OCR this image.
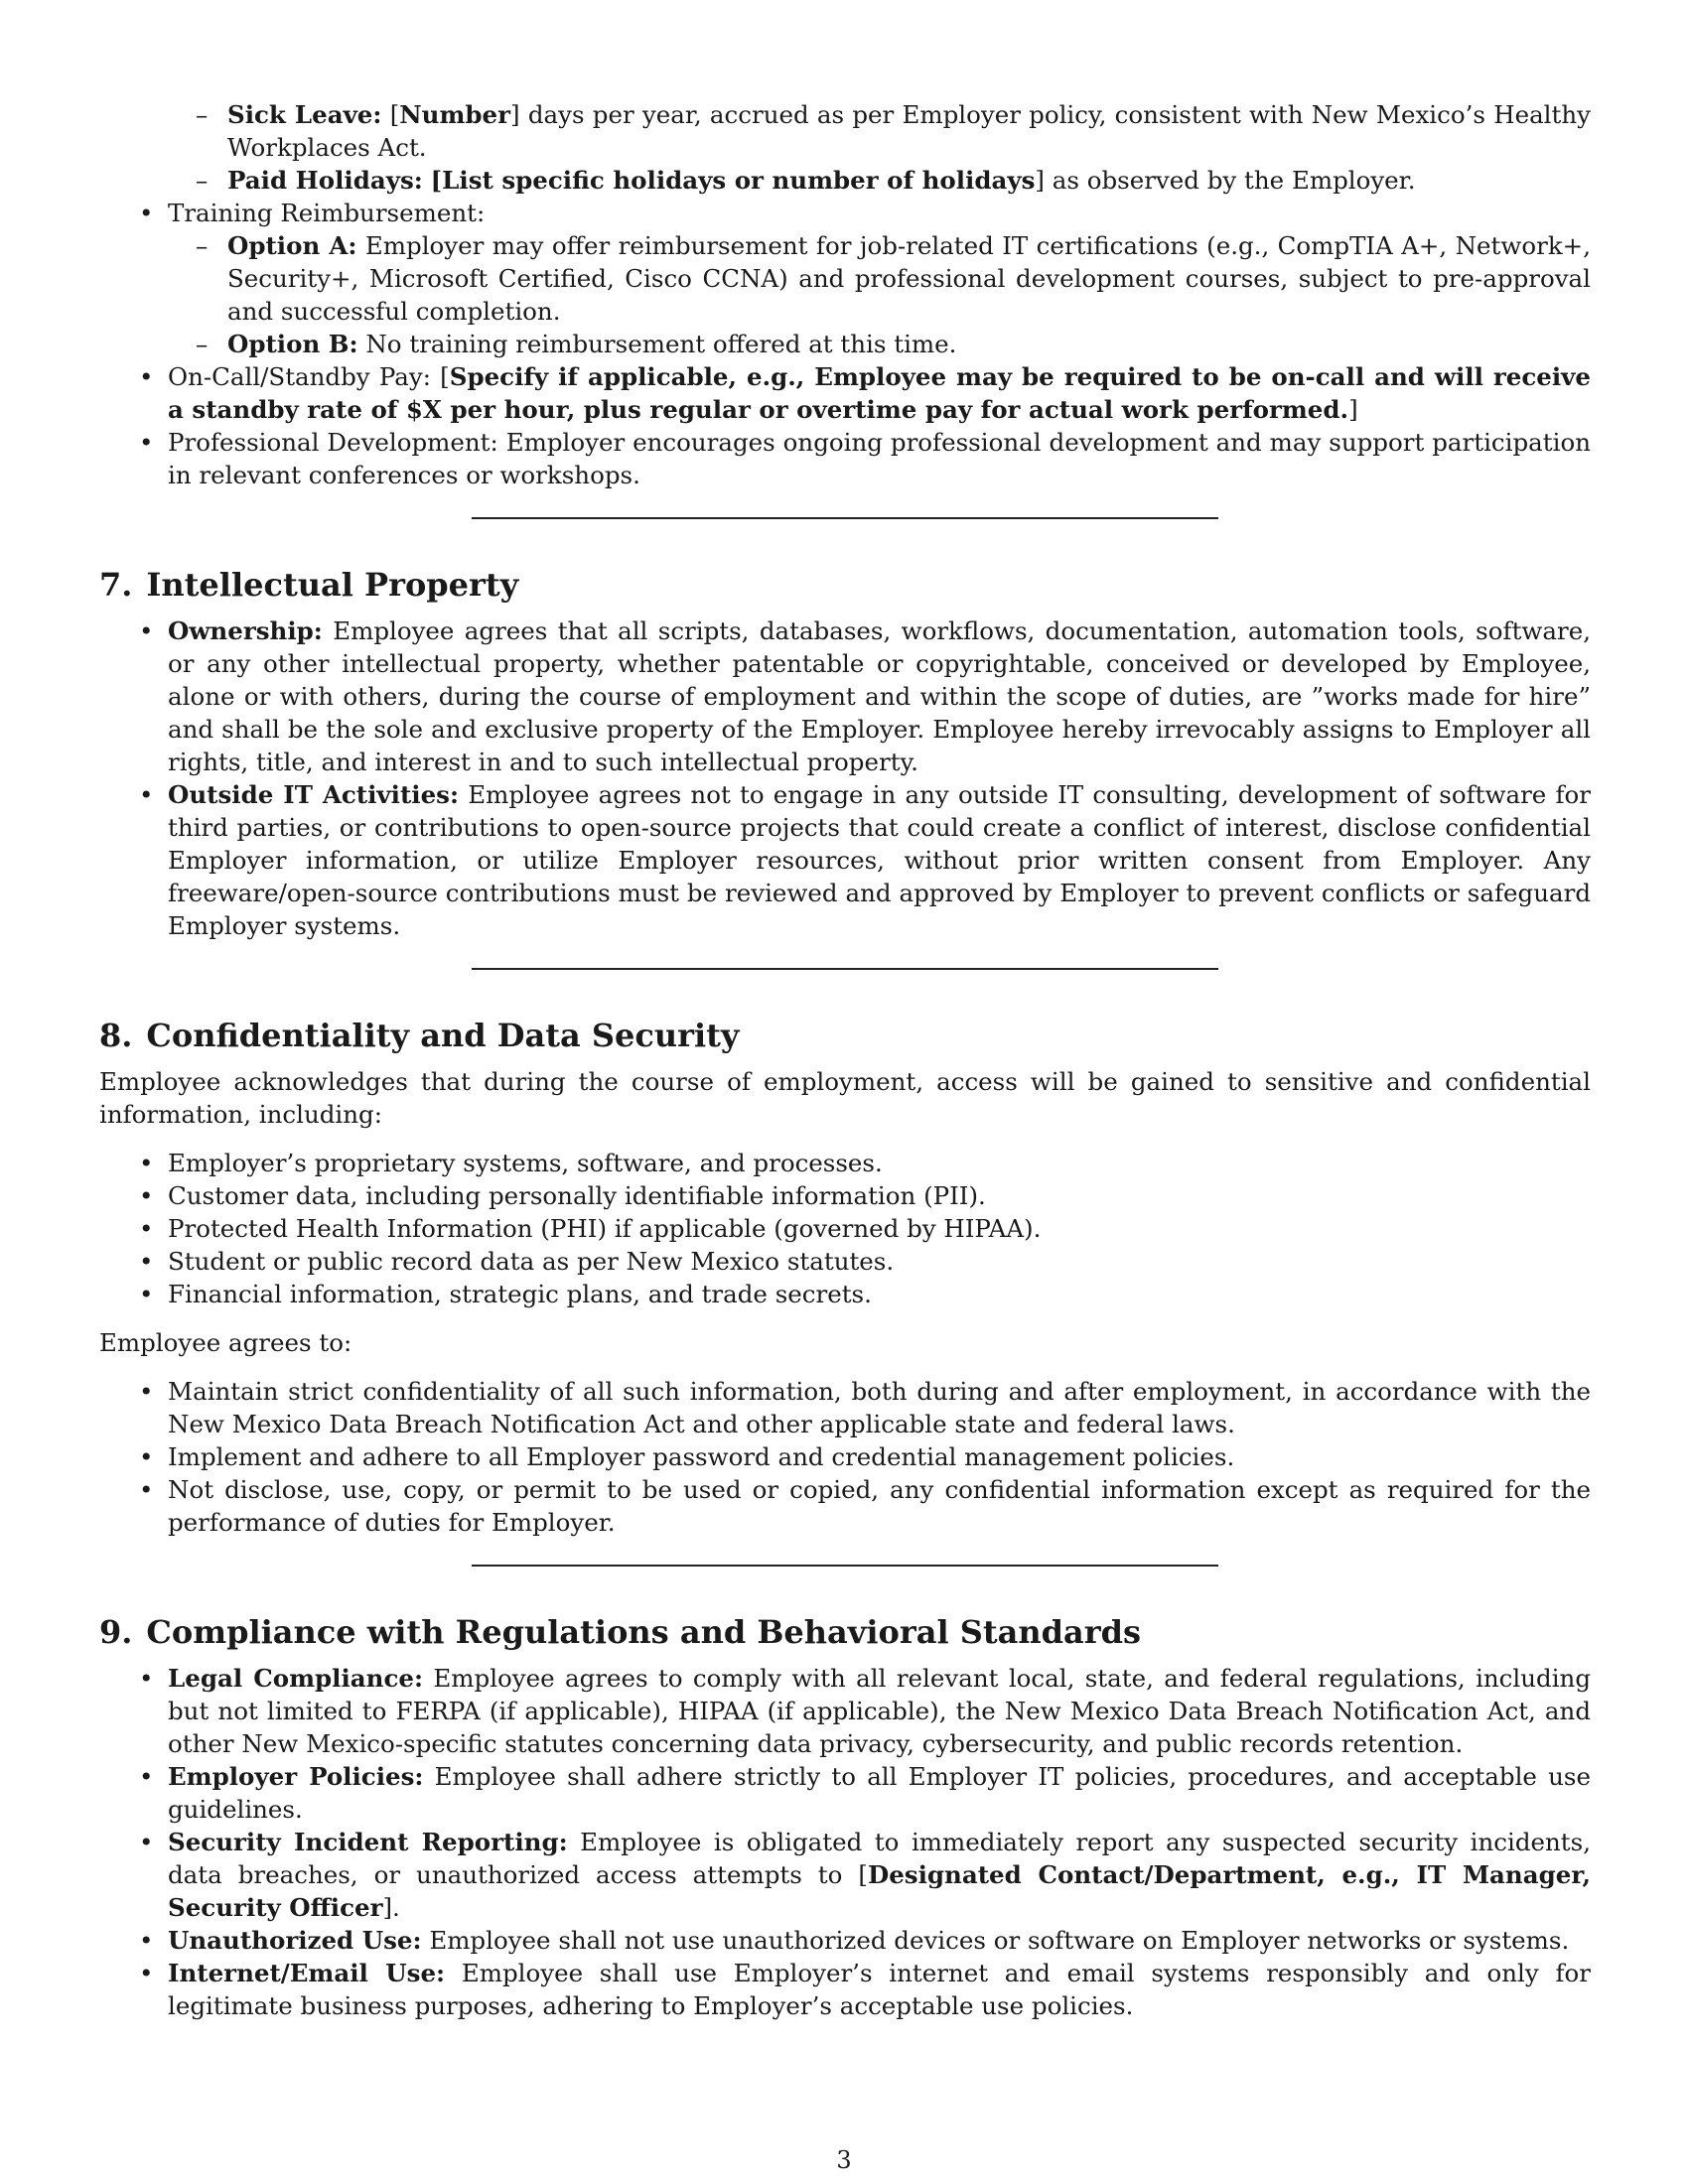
– Sick Leave: [Number] days per year, accrued as per Employer policy, consistent with New Mexico’s Healthy Workplaces Act.
– Paid Holidays: [List specific holidays or number of holidays] as observed by the Employer.
• Training Reimbursement:
– Option A: Employer may offer reimbursement for job-related IT certifications (e.g., CompTIA A+, Network+, Security+, Microsoft Certified, Cisco CCNA) and professional development courses, subject to pre-approval and successful completion.
– Option B: No training reimbursement offered at this time.
• On-Call/Standby Pay: [Specify if applicable, e.g., Employee may be required to be on-call and will receive a standby rate of $X per hour, plus regular or overtime pay for actual work performed.]
• Professional Development: Employer encourages ongoing professional development and may support participation in relevant conferences or workshops.
7. Intellectual Property
• Ownership: Employee agrees that all scripts, databases, workflows, documentation, automation tools, software, or any other intellectual property, whether patentable or copyrightable, conceived or developed by Employee, alone or with others, during the course of employment and within the scope of duties, are ”works made for hire” and shall be the sole and exclusive property of the Employer. Employee hereby irrevocably assigns to Employer all rights, title, and interest in and to such intellectual property.
• Outside IT Activities: Employee agrees not to engage in any outside IT consulting, development of software for third parties, or contributions to open-source projects that could create a conflict of interest, disclose confidential Employer information, or utilize Employer resources, without prior written consent from Employer. Any freeware/open-source contributions must be reviewed and approved by Employer to prevent conflicts or safeguard Employer systems.
8. Confidentiality and Data Security

Employee acknowledges that during the course of employment, access will be gained to sensitive and confidential information, including:

• Employer’s proprietary systems, software, and processes.
• Customer data, including personally identifiable information (PII).
• Protected Health Information (PHI) if applicable (governed by HIPAA).
• Student or public record data as per New Mexico statutes.
• Financial information, strategic plans, and trade secrets.

Employee agrees to:

• Maintain strict confidentiality of all such information, both during and after employment, in accordance with the New Mexico Data Breach Notification Act and other applicable state and federal laws.
• Implement and adhere to all Employer password and credential management policies.
• Not disclose, use, copy, or permit to be used or copied, any confidential information except as required for the performance of duties for Employer.
9. Compliance with Regulations and Behavioral Standards
• Legal Compliance: Employee agrees to comply with all relevant local, state, and federal regulations, including but not limited to FERPA (if applicable), HIPAA (if applicable), the New Mexico Data Breach Notification Act, and other New Mexico-specific statutes concerning data privacy, cybersecurity, and public records retention.
• Employer Policies: Employee shall adhere strictly to all Employer IT policies, procedures, and acceptable use guidelines.
• Security Incident Reporting: Employee is obligated to immediately report any suspected security incidents, data breaches, or unauthorized access attempts to [Designated Contact/Department, e.g., IT Manager, Security Officer].
• Unauthorized Use: Employee shall not use unauthorized devices or software on Employer networks or systems.
• Internet/Email Use: Employee shall use Employer’s internet and email systems responsibly and only for legitimate business purposes, adhering to Employer’s acceptable use policies.
3
